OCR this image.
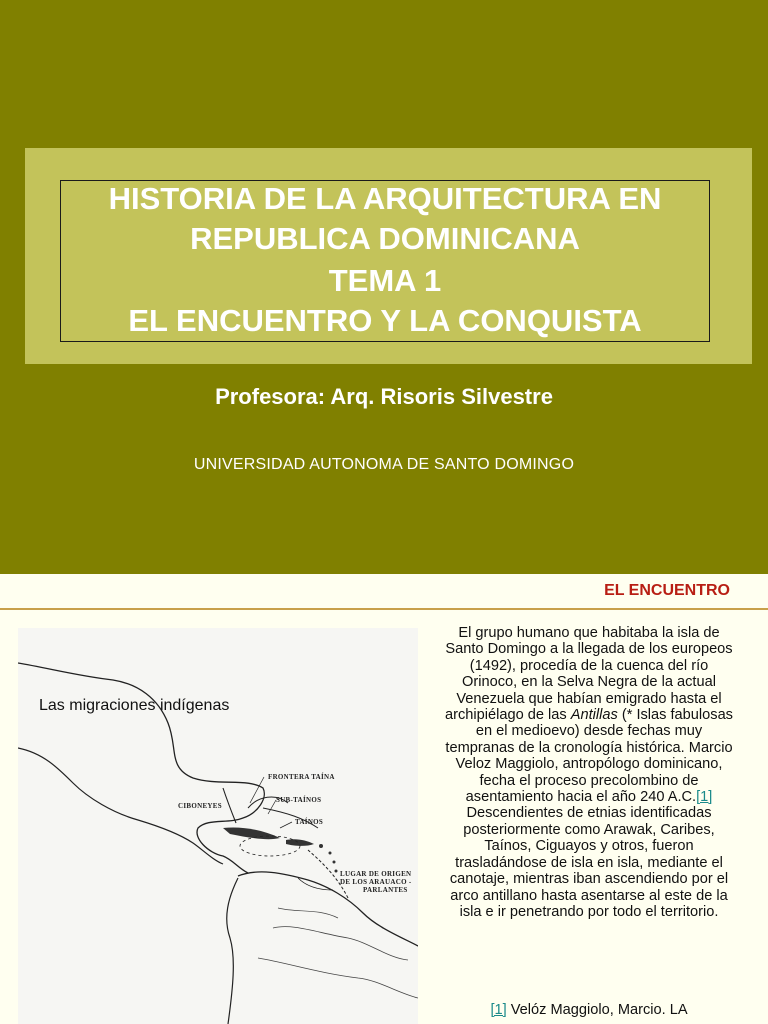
HISTORIA DE LA ARQUITECTURA EN
REPUBLICA DOMINICANA
TEMA 1
EL ENCUENTRO Y LA CONQUISTA
Profesora: Arq. Risoris Silvestre
UNIVERSIDAD AUTONOMA DE SANTO DOMINGO
EL ENCUENTRO
Las migraciones indígenas
FRONTERA TAÍNA
SUB-TAÍNOS
CIBONEYES
TAÍNOS
LUGAR DE ORIGEN
DE LOS ARAUACO -
PARLANTES
El grupo humano que habitaba la isla de Santo Domingo a la llegada de los europeos (1492), procedía de la cuenca del río Orinoco, en la Selva Negra de la actual Venezuela que habían emigrado hasta el archipiélago de las Antillas (* Islas fabulosas en el medioevo) desde fechas muy tempranas de la cronología histórica. Marcio Veloz Maggiolo, antropólogo dominicano, fecha el proceso precolombino de asentamiento hacia el año 240 A.C.[1] Descendientes de etnias identificadas posteriormente como Arawak, Caribes, Taínos, Ciguayos y otros, fueron trasladándose de isla en isla, mediante el canotaje, mientras iban ascendiendo por el arco antillano hasta asentarse al este de la isla e ir penetrando por todo el territorio.
[1] Velóz Maggiolo, Marcio. LA
